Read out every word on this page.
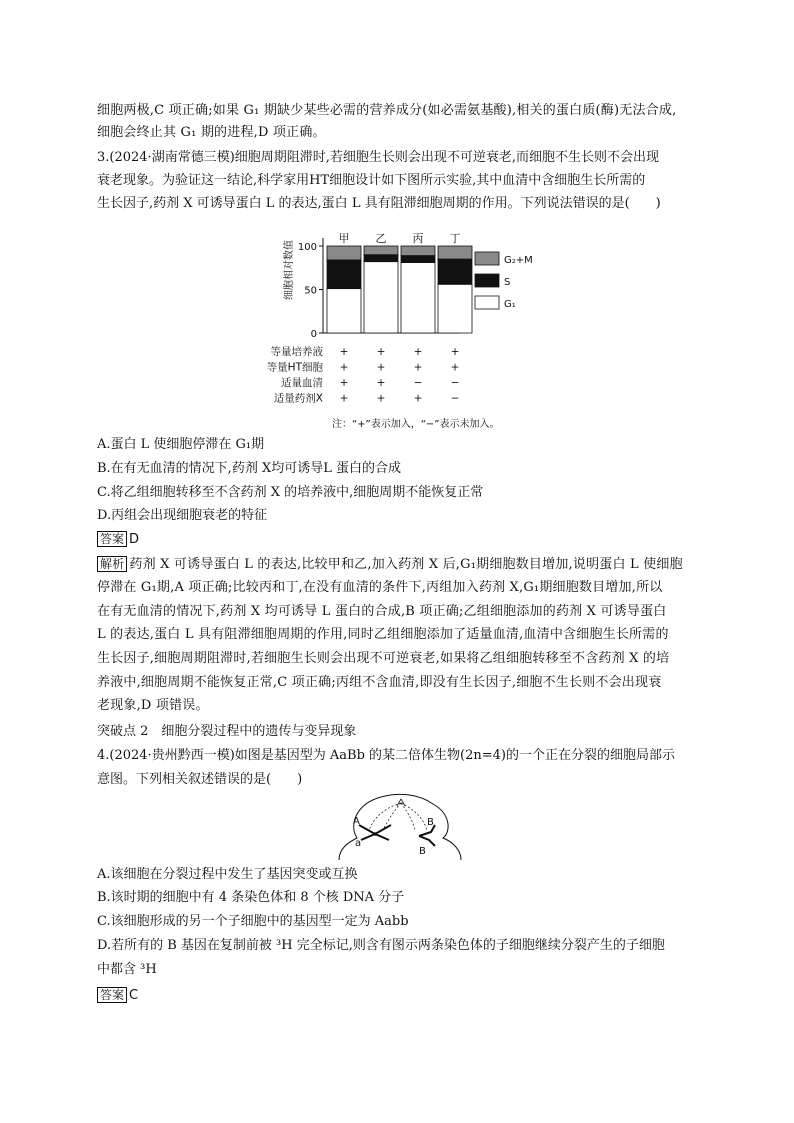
细胞两极,C 项正确;如果 G₁ 期缺少某些必需的营养成分(如必需氨基酸),相关的蛋白质(酶)无法合成,
细胞会终止其 G₁ 期的进程,D 项正确。
3.(2024·湖南常德三模)细胞周期阻滞时,若细胞生长则会出现不可逆衰老,而细胞不生长则不会出现
衰老现象。为验证这一结论,科学家用HT细胞设计如下图所示实验,其中血清中含细胞生长所需的
生长因子,药剂 X 可诱导蛋白 L 的表达,蛋白 L 具有阻滞细胞周期的作用。下列说法错误的是(　　)
0
50
100
细胞相对数值
甲 乙 丙 丁
G₂+M
S
G₁
等量培养液 +	+	+	+
等量HT细胞 +	+	+	+
适量血清 +	+	−	−
适量药剂X +	+	+	−
注：“+”表示加入，“−”表示未加入。
A.蛋白 L 使细胞停滞在 G₁期
B.在有无血清的情况下,药剂 X均可诱导L 蛋白的合成
C.将乙组细胞转移至不含药剂 X 的培养液中,细胞周期不能恢复正常
D.丙组会出现细胞衰老的特征
答案 D
解析 药剂 X 可诱导蛋白 L 的表达,比较甲和乙,加入药剂 X 后,G₁期细胞数目增加,说明蛋白 L 使细胞
停滞在 G₁期,A 项正确;比较丙和丁,在没有血清的条件下,丙组加入药剂 X,G₁期细胞数目增加,所以
在有无血清的情况下,药剂 X 均可诱导 L 蛋白的合成,B 项正确;乙组细胞添加的药剂 X 可诱导蛋白
L 的表达,蛋白 L 具有阻滞细胞周期的作用,同时乙组细胞添加了适量血清,血清中含细胞生长所需的
生长因子,细胞周期阻滞时,若细胞生长则会出现不可逆衰老,如果将乙组细胞转移至不含药剂 X 的培
养液中,细胞周期不能恢复正常,C 项正确;丙组不含血清,即没有生长因子,细胞不生长则不会出现衰
老现象,D 项错误。
突破点 2　细胞分裂过程中的遗传与变异现象
4.(2024·贵州黔西一模)如图是基因型为 AaBb 的某二倍体生物(2n=4)的一个正在分裂的细胞局部示
意图。下列相关叙述错误的是(　　)
A
a
B
B
A.该细胞在分裂过程中发生了基因突变或互换
B.该时期的细胞中有 4 条染色体和 8 个核 DNA 分子
C.该细胞形成的另一个子细胞中的基因型一定为 Aabb
D.若所有的 B 基因在复制前被 ³H 完全标记,则含有图示两条染色体的子细胞继续分裂产生的子细胞
中都含 ³H
答案 C
